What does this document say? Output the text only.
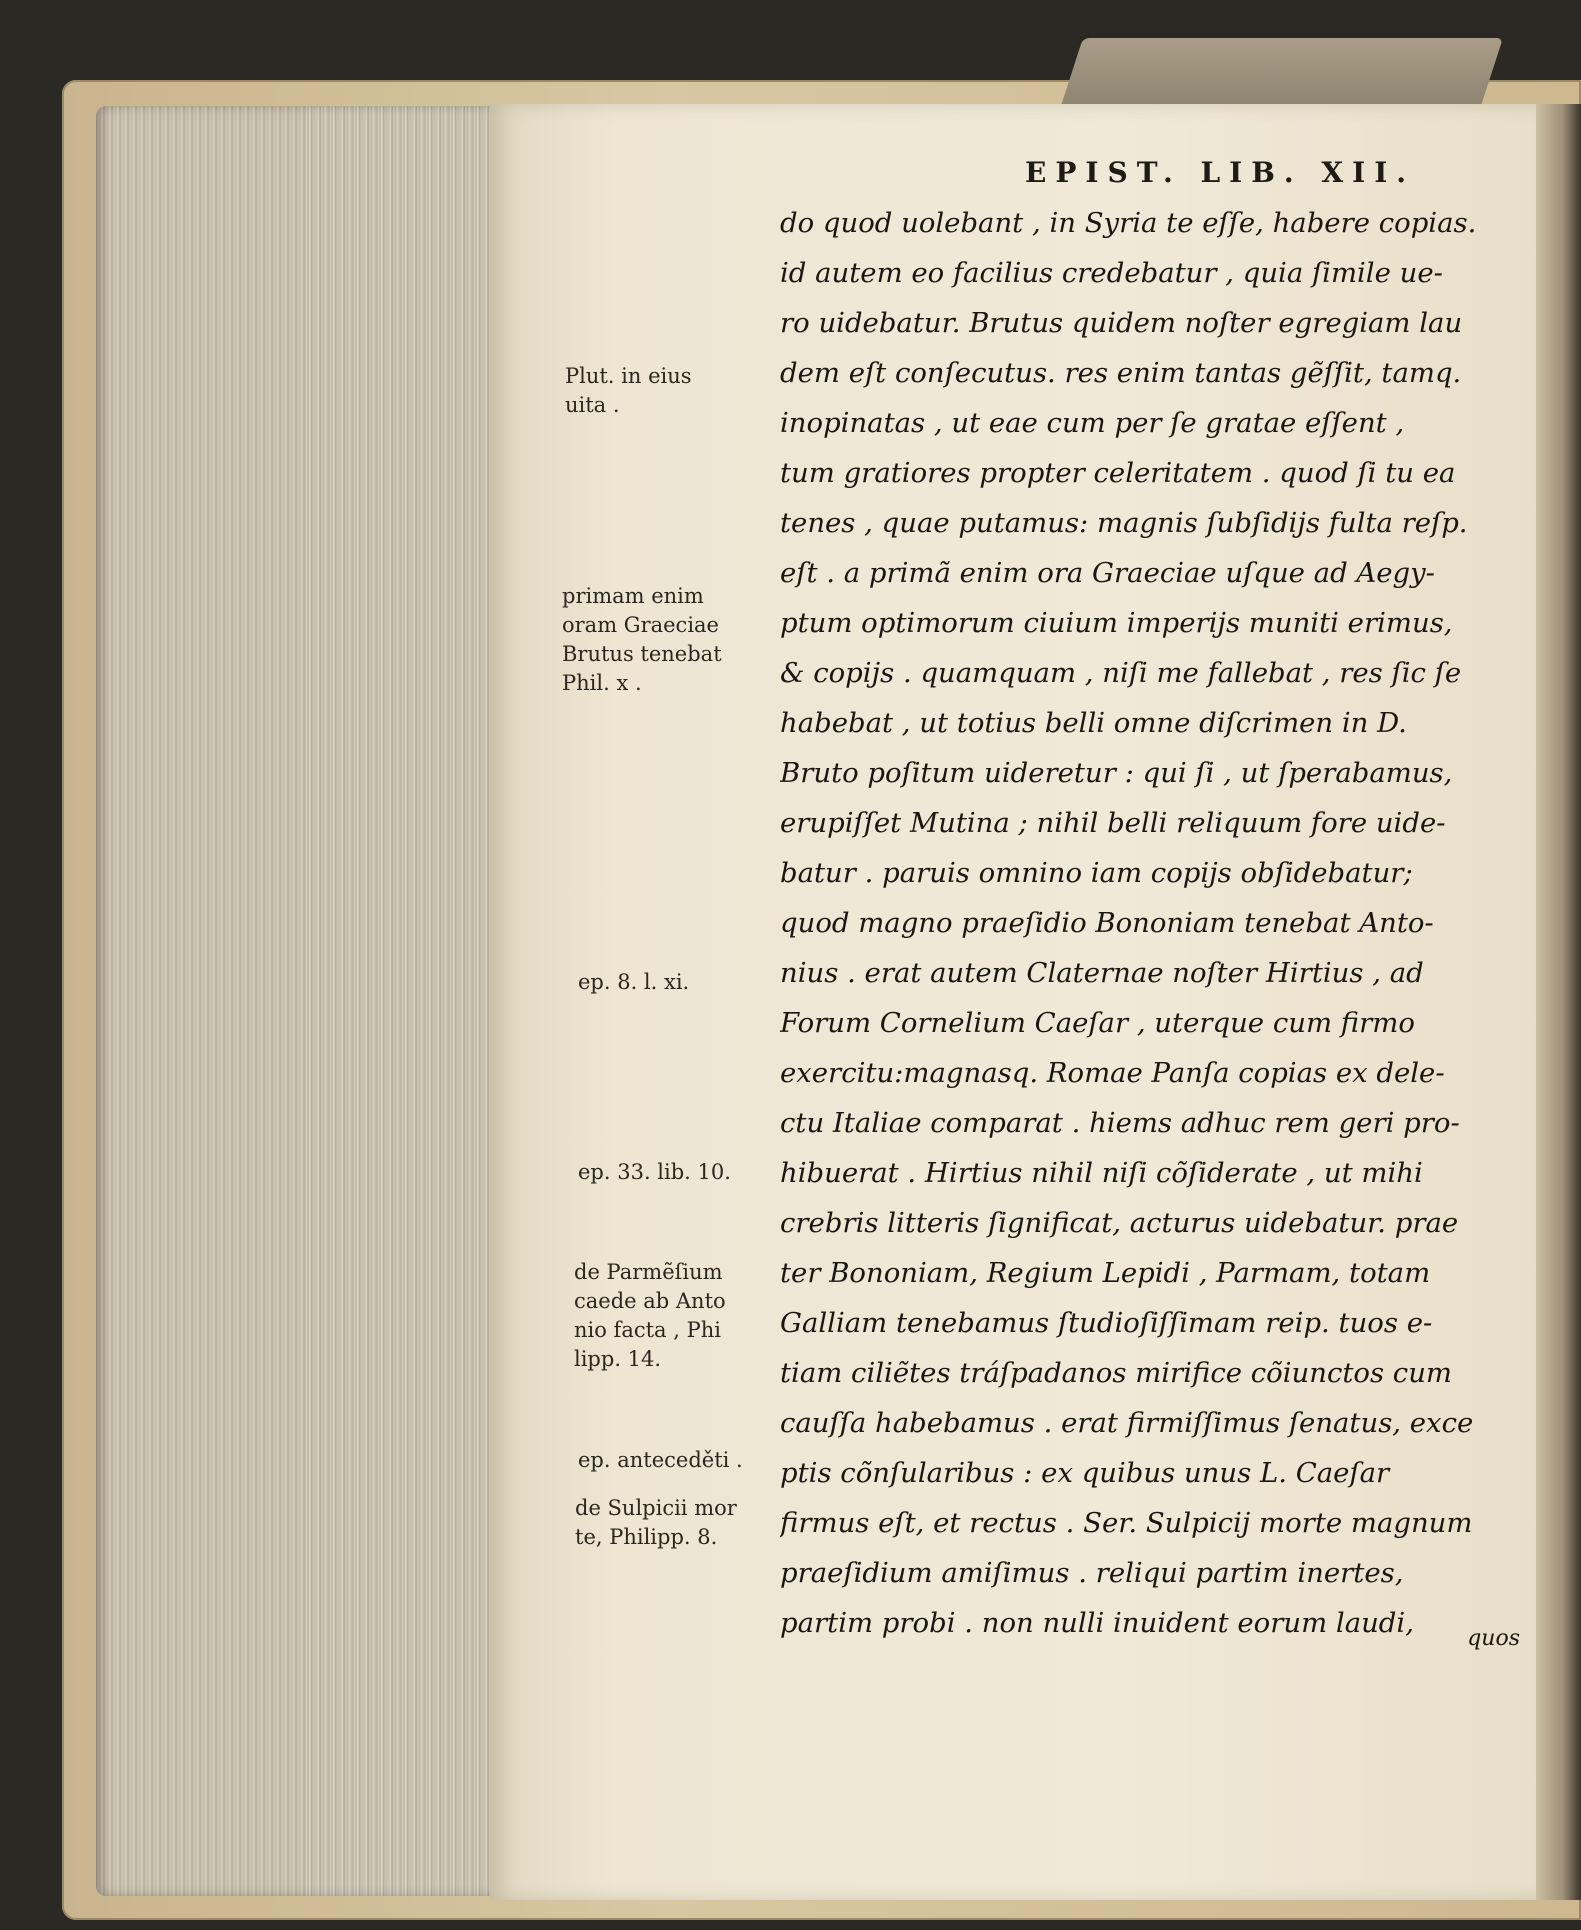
EPIST. LIB. XII.
do quod uolebant , in Syria te eſſe, habere copias.
id autem eo facilius credebatur , quia ſimile ue-
ro uidebatur. Brutus quidem noſter egregiam lau
dem eſt conſecutus. res enim tantas gẽſſit, tamq.
inopinatas , ut eae cum per ſe gratae eſſent ,
tum gratiores propter celeritatem . quod ſi tu ea
tenes , quae putamus: magnis ſubſidijs fulta reſp.
eſt . a primã enim ora Graeciae uſque ad Aegy-
ptum optimorum ciuium imperijs muniti erimus,
& copijs . quamquam , niſi me fallebat , res ſic ſe
habebat , ut totius belli omne diſcrimen in D.
Bruto poſitum uideretur : qui ſi , ut ſperabamus,
erupiſſet Mutina ; nihil belli reliquum fore uide-
batur . paruis omnino iam copijs obſidebatur;
quod magno praeſidio Bononiam tenebat Anto-
nius . erat autem Claternae noſter Hirtius , ad
Forum Cornelium Caeſar , uterque cum firmo
exercitu:magnasq. Romae Panſa copias ex dele-
ctu Italiae comparat . hiems adhuc rem geri pro-
hibuerat . Hirtius nihil niſi cõſiderate , ut mihi
crebris litteris ſignificat, acturus uidebatur. prae
ter Bononiam, Regium Lepidi , Parmam, totam
Galliam tenebamus ſtudioſiſſimam reip. tuos e-
tiam ciliẽtes tráſpadanos mirifice cõiunctos cum
cauſſa habebamus . erat firmiſſimus ſenatus, exce
ptis cõnſularibus : ex quibus unus L. Caeſar
firmus eſt, et rectus . Ser. Sulpicij morte magnum
praeſidium amiſimus . reliqui partim inertes,
partim probi . non nulli inuident eorum laudi,	quos
Plut. in eius
uita .
primam enim
oram Graeciae
Brutus tenebat
Phil. x .
ep. 8. l. xi.
ep. 33. lib. 10.
de Parmẽſium
caede ab Anto
nio facta , Phi
lipp. 14.
ep. anteceděti .
de Sulpicii mor
te, Philipp. 8.
